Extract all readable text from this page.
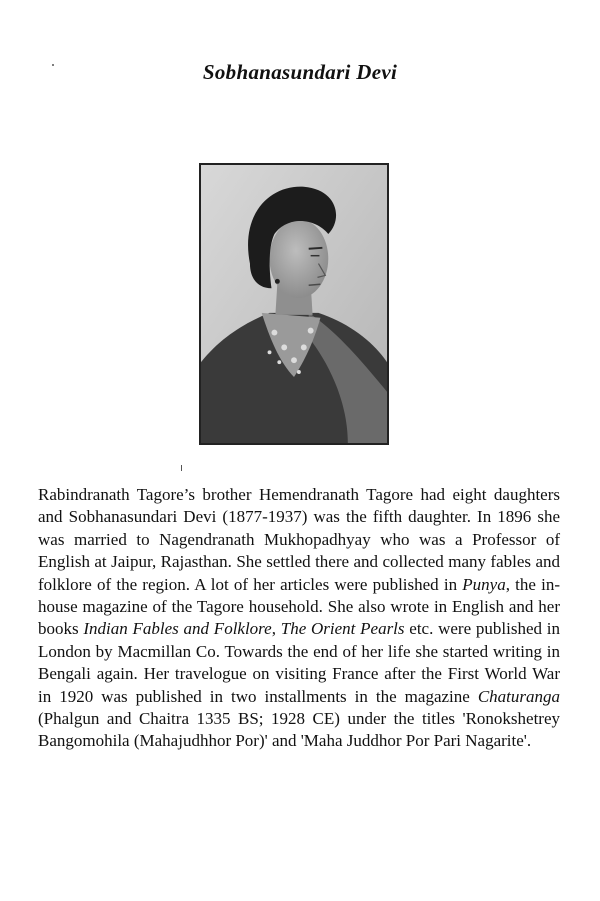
Sobhanasundari Devi

Rabindranath Tagore’s brother Hemendranath Tagore had eight daughters and Sobhanasundari Devi (1877-1937) was the fifth daughter. In 1896 she was married to Nagendranath Mukhopadhyay who was a Professor of English at Jaipur, Rajasthan. She settled there and collected many fables and folklore of the region. A lot of her articles were published in Punya, the in-house magazine of the Tagore household. She also wrote in English and her books Indian Fables and Folklore, The Orient Pearls etc. were published in London by Macmillan Co. Towards the end of her life she started writing in Bengali again. Her travelogue on visiting France after the First World War in 1920 was published in two installments in the magazine Chaturanga (Phalgun and Chaitra 1335 BS; 1928 CE) under the titles 'Ronokshetrey Bangomohila (Mahajudhhor Por)' and 'Maha Juddhor Por Pari Nagarite'.
